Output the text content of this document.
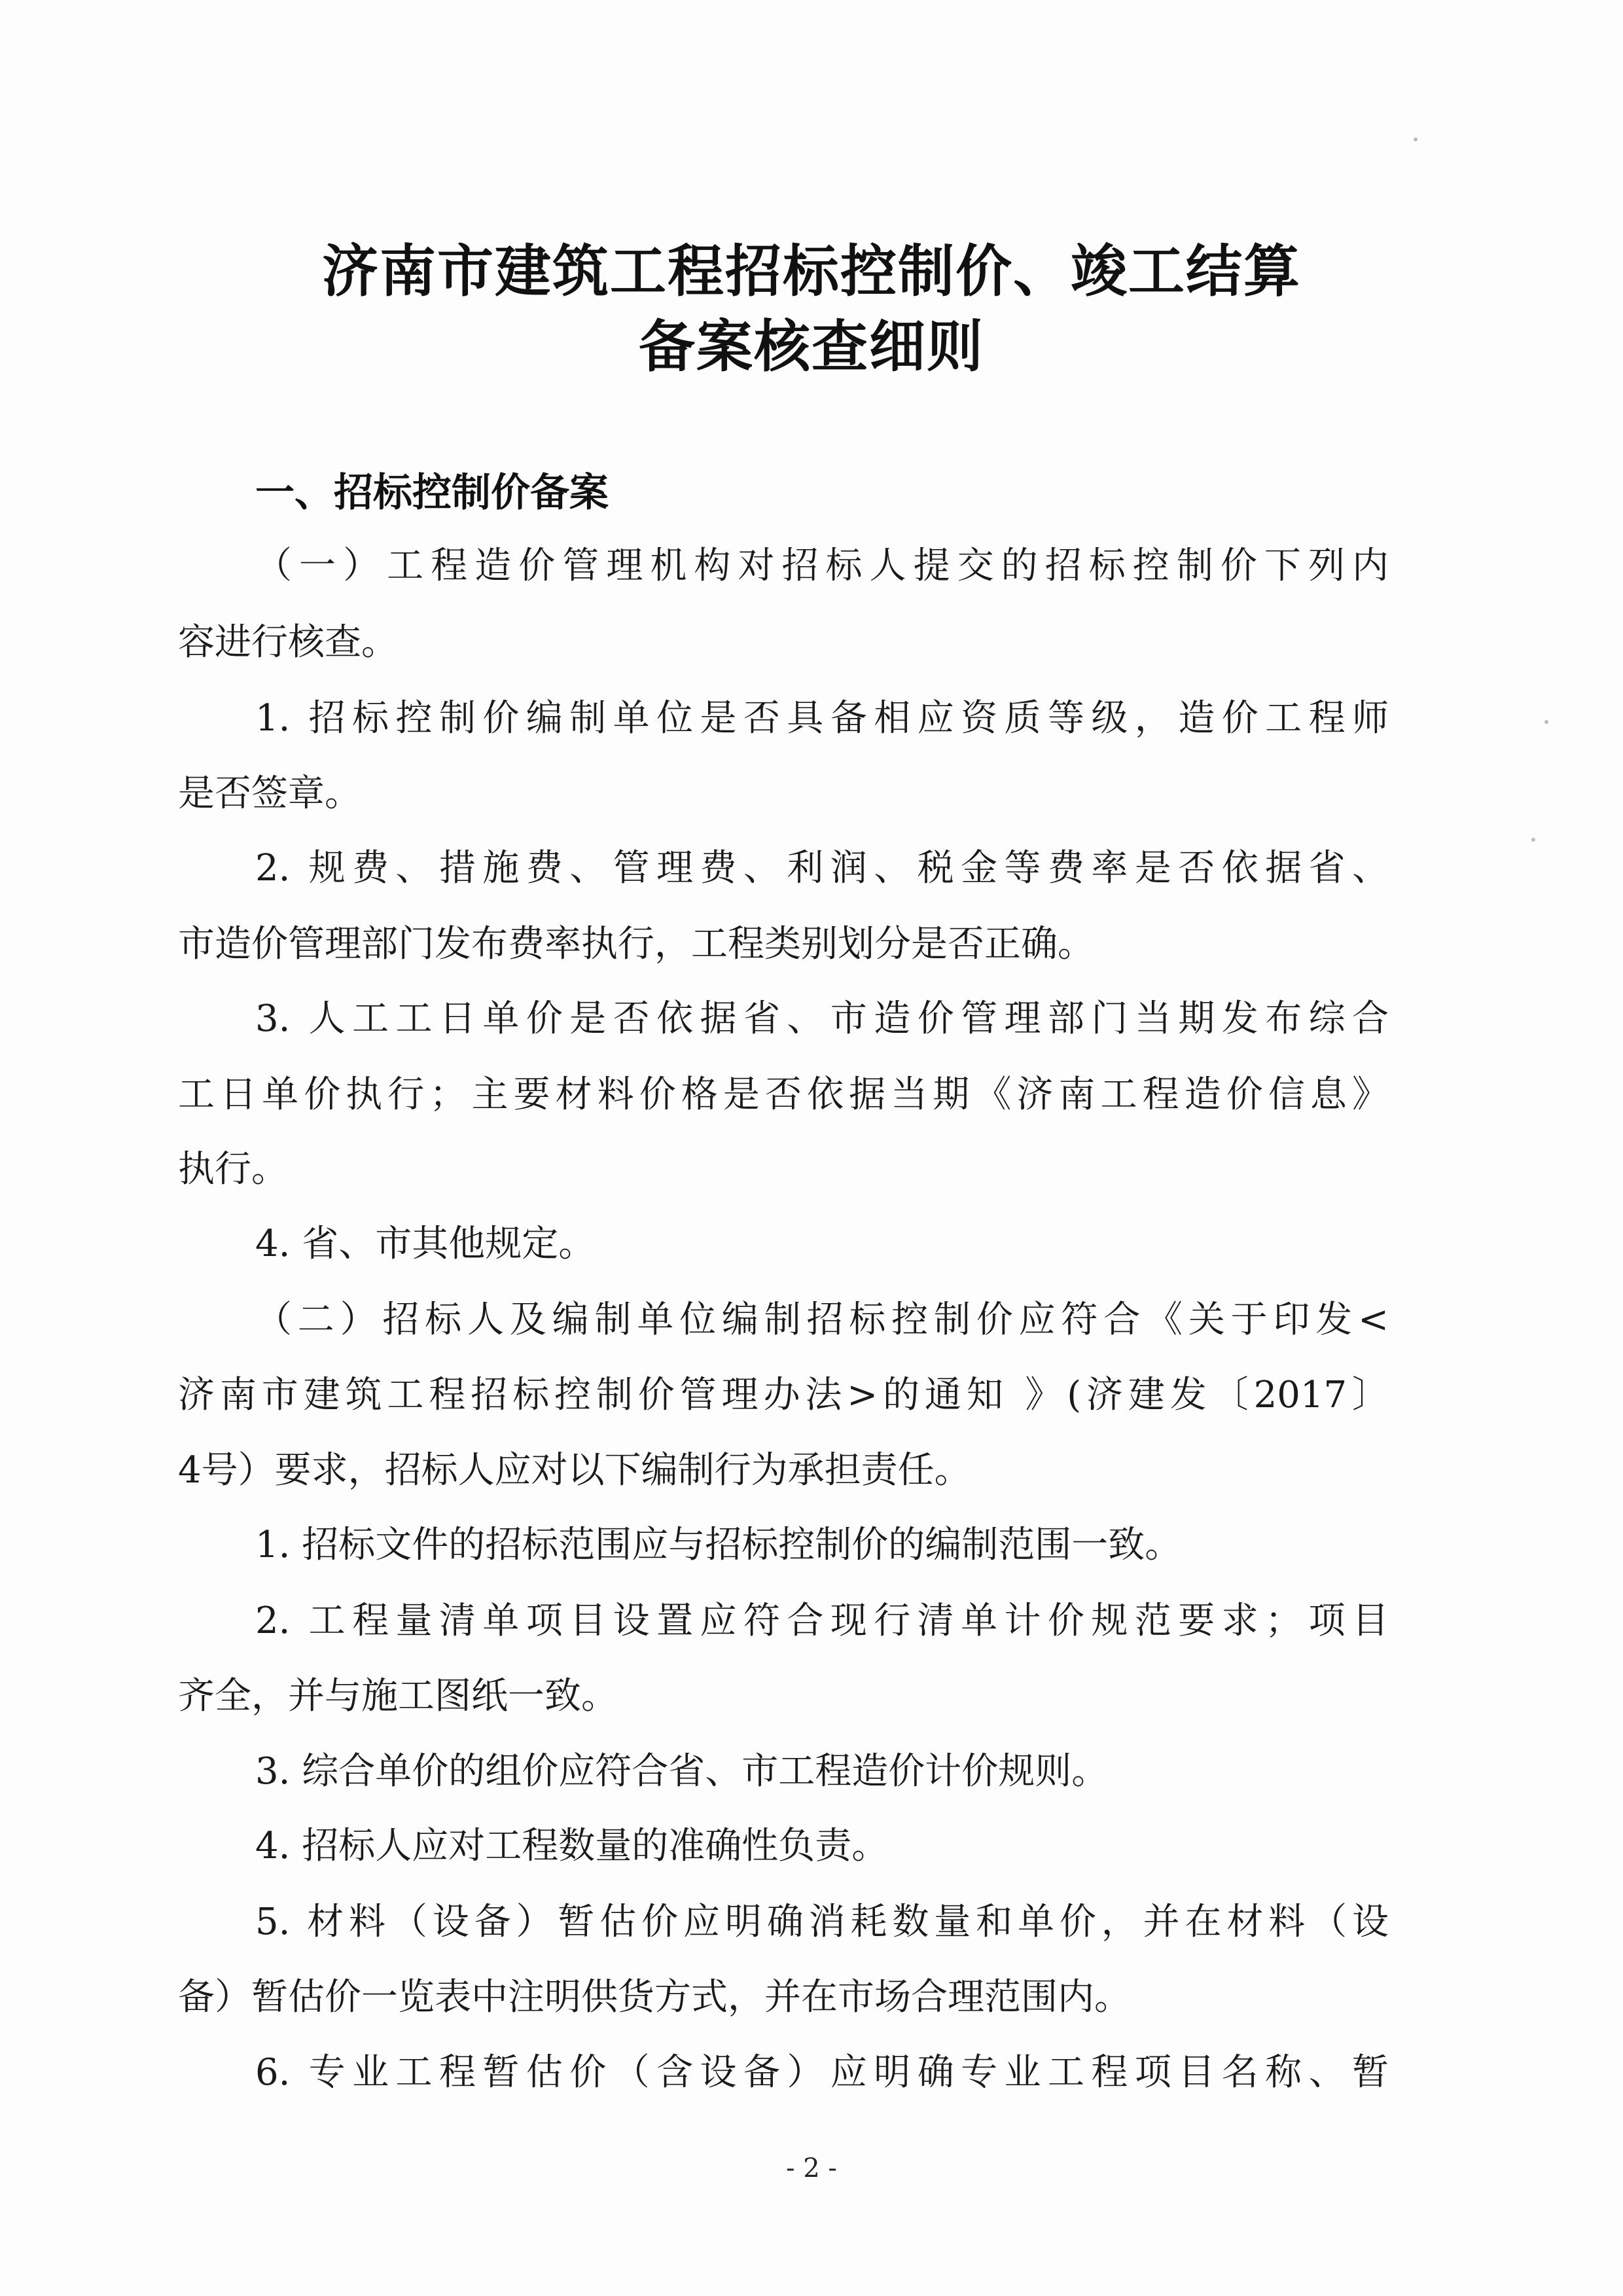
济南市建筑工程招标控制价、竣工结算
备案核查细则
一、招标控制价备案
（一）工程造价管理机构对招标人提交的招标控制价下列内
容进行核查。
1. 招标控制价编制单位是否具备相应资质等级，造价工程师
是否签章。
2. 规费、措施费、管理费、利润、税金等费率是否依据省、
市造价管理部门发布费率执行，工程类别划分是否正确。
3. 人工工日单价是否依据省、市造价管理部门当期发布综合
工日单价执行；主要材料价格是否依据当期《济南工程造价信息》
执行。
4. 省、市其他规定。
（二）招标人及编制单位编制招标控制价应符合《关于印发<
济南市建筑工程招标控制价管理办法>的通知 》(济建发〔2017〕
4号）要求，招标人应对以下编制行为承担责任。
1. 招标文件的招标范围应与招标控制价的编制范围一致。
2. 工程量清单项目设置应符合现行清单计价规范要求；项目
齐全，并与施工图纸一致。
3. 综合单价的组价应符合省、市工程造价计价规则。
4. 招标人应对工程数量的准确性负责。
5. 材料（设备）暂估价应明确消耗数量和单价，并在材料（设
备）暂估价一览表中注明供货方式，并在市场合理范围内。
6. 专业工程暂估价（含设备）应明确专业工程项目名称、暂
- 2 -
